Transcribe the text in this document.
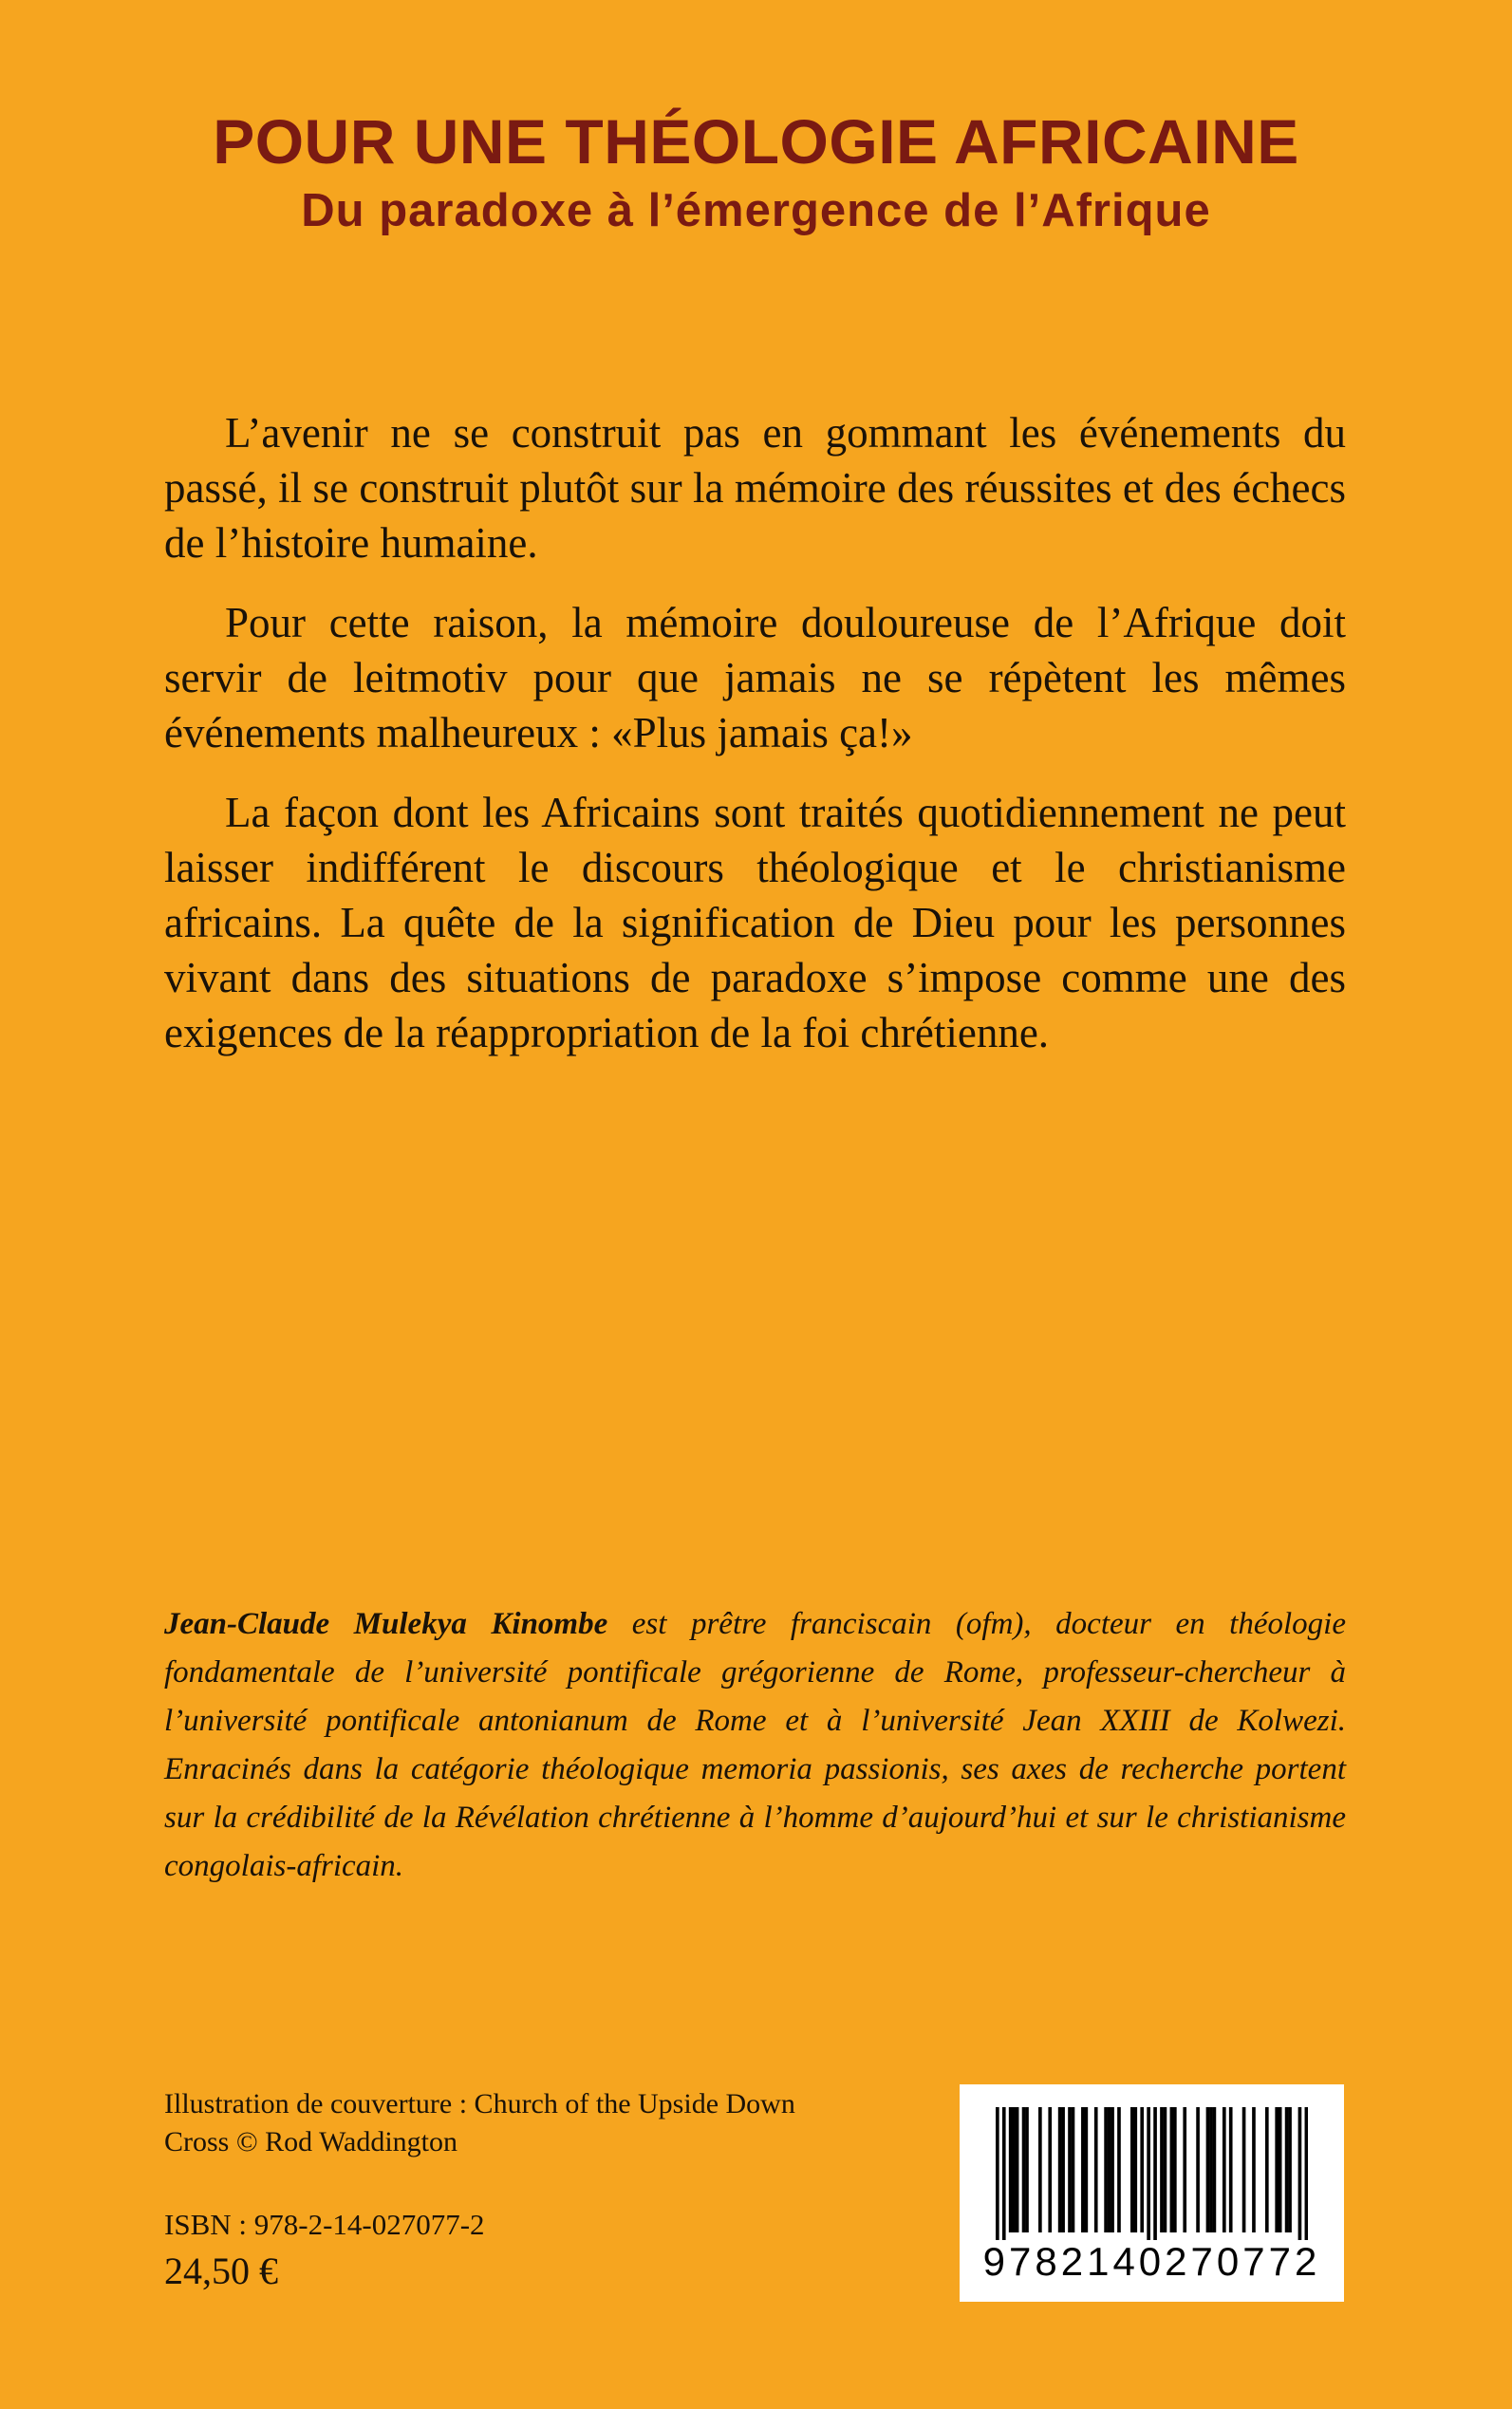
POUR UNE THÉOLOGIE AFRICAINE
Du paradoxe à l’émergence de l’Afrique

L’avenir ne se construit pas en gommant les événements du passé, il se construit plutôt sur la mémoire des réussites et des échecs de l’histoire humaine.

Pour cette raison, la mémoire douloureuse de l’Afrique doit servir de leitmotiv pour que jamais ne se répètent les mêmes événements malheureux : «Plus jamais ça!»

La façon dont les Africains sont traités quotidiennement ne peut laisser indifférent le discours théologique et le christianisme africains. La quête de la signification de Dieu pour les personnes vivant dans des situations de paradoxe s’impose comme une des exigences de la réappropriation de la foi chrétienne.

Jean-Claude Mulekya Kinombe est prêtre franciscain (ofm), docteur en théologie fondamentale de l’université pontificale grégorienne de Rome, professeur-chercheur à l’université pontificale antonianum de Rome et à l’université Jean XXIII de Kolwezi. Enracinés dans la catégorie théologique memoria passionis, ses axes de recherche portent sur la crédibilité de la Révélation chrétienne à l’homme d’aujourd’hui et sur le christianisme congolais-africain.

Illustration de couverture : Church of the Upside Down
Cross © Rod Waddington
ISBN : 978-2-14-027077-2
24,50 €	9782140270772
